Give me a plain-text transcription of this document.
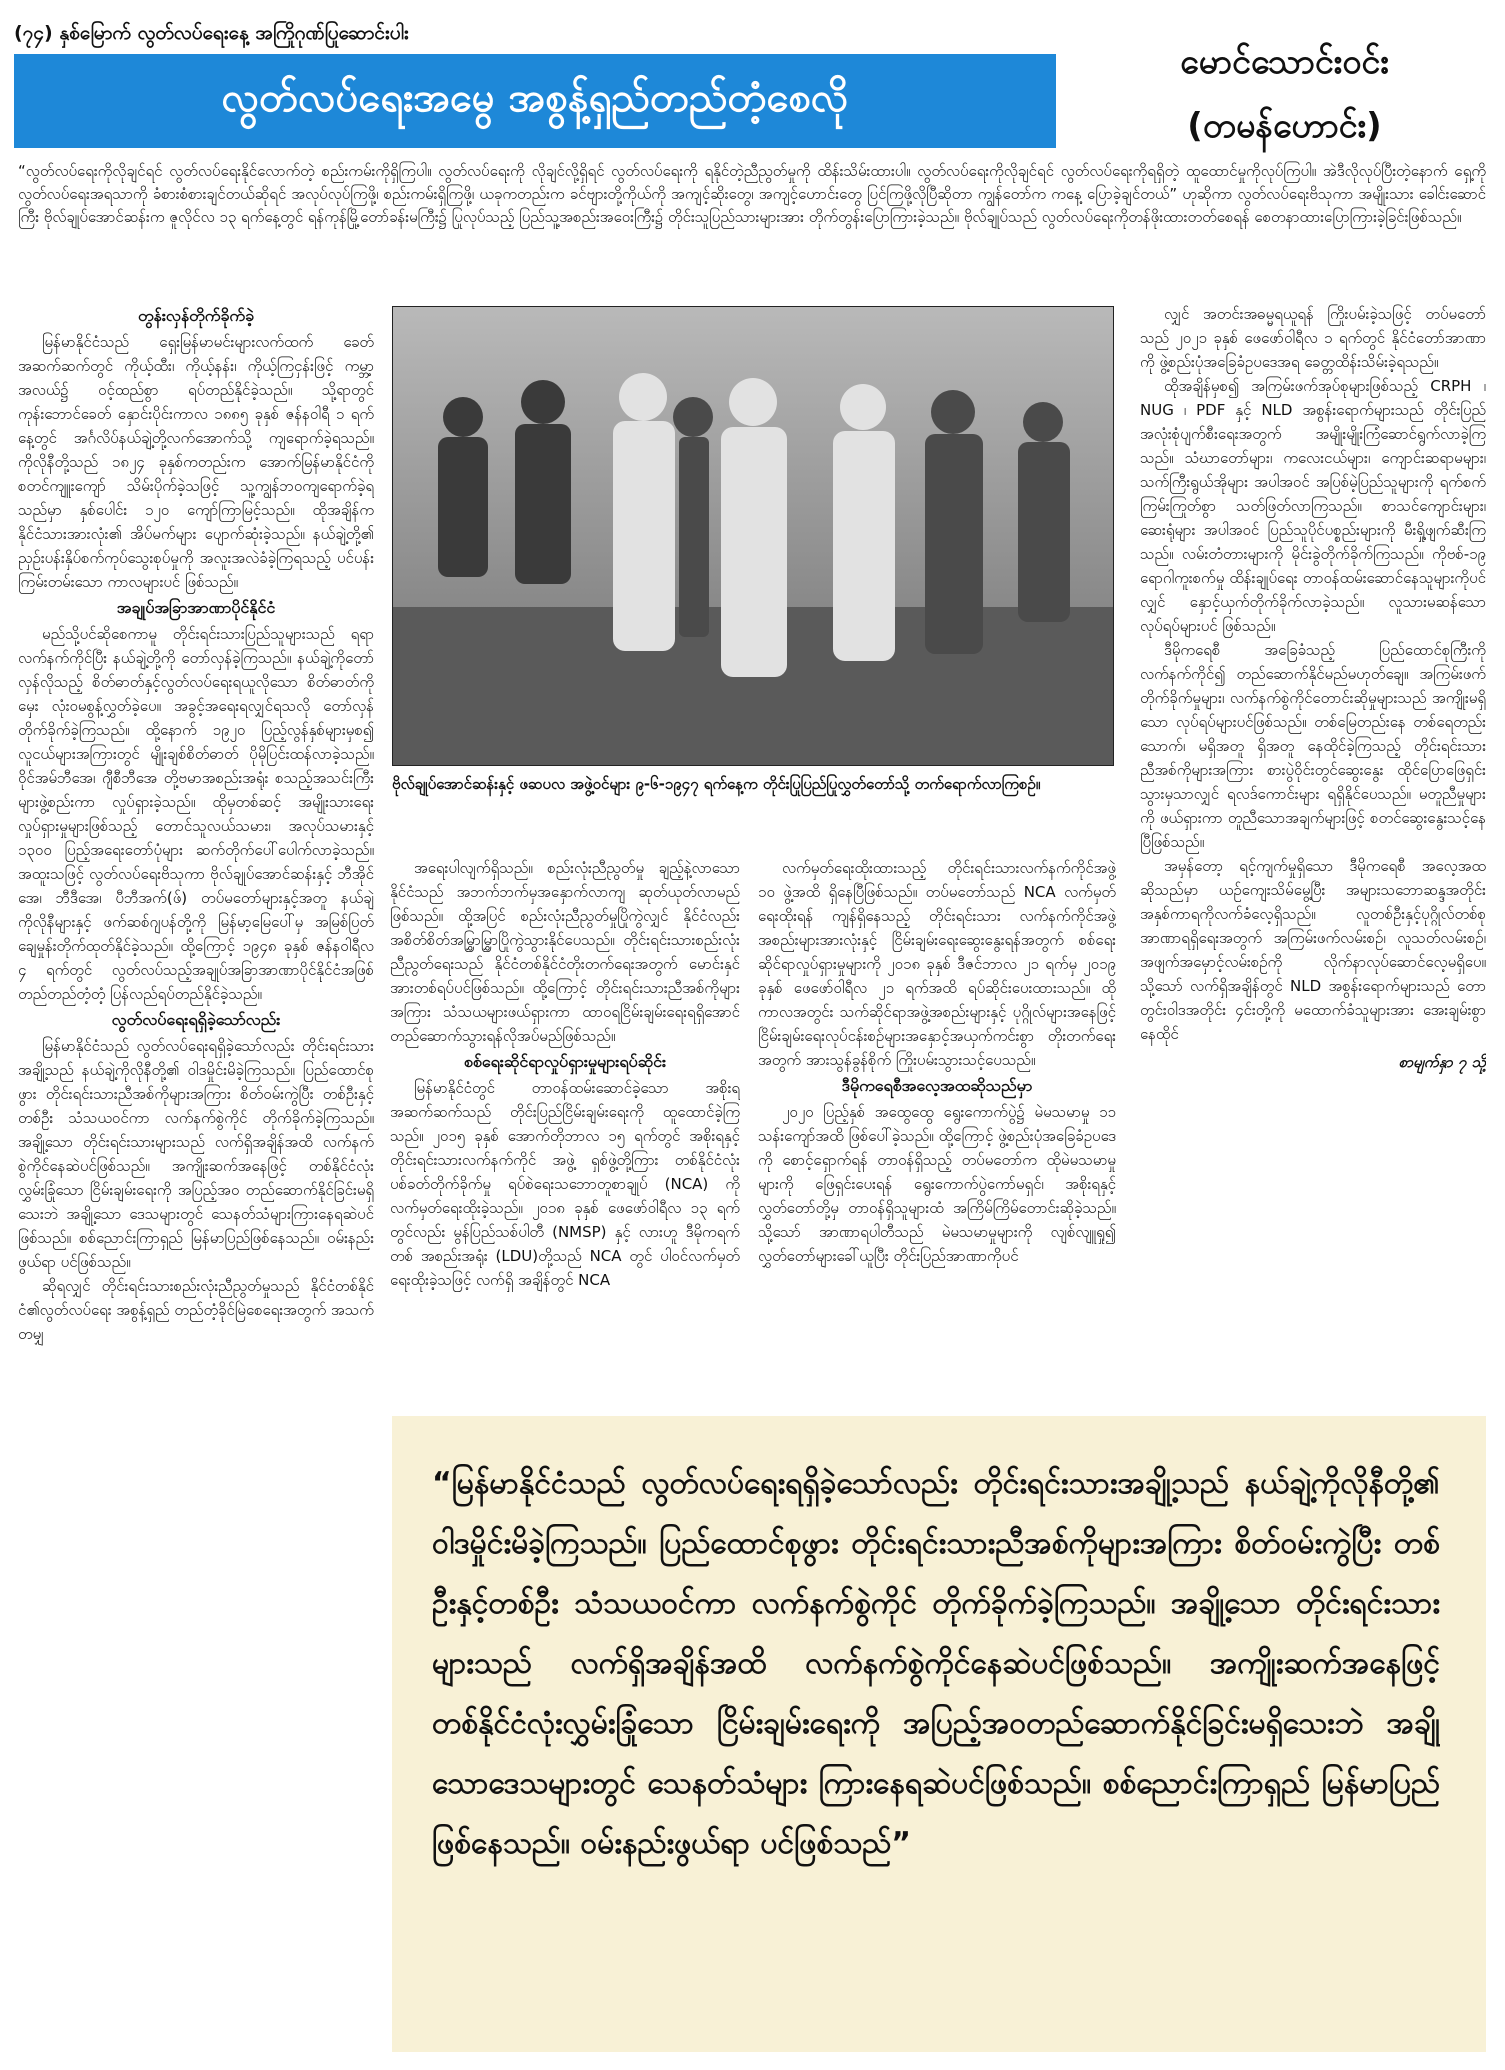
(၇၄) နှစ်မြောက် လွတ်လပ်ရေးနေ့ အကြိုဂုဏ်ပြုဆောင်းပါး
လွတ်လပ်ရေးအမွေ အစွန့်ရှည်တည်တံ့စေလို
မောင်သောင်းဝင်း
(တမန်ဟောင်း)
“လွတ်လပ်ရေးကိုလိုချင်ရင် လွတ်လပ်ရေးနိုင်လောက်တဲ့ စည်းကမ်းကိုရှိကြပါ။ လွတ်လပ်ရေးကို လိုချင်လို့ရှိရင် လွတ်လပ်ရေးကို ရနိုင်တဲ့ညီညွတ်မှုကို ထိန်းသိမ်းထားပါ။ လွတ်လပ်ရေးကိုလိုချင်ရင် လွတ်လပ်ရေးကိုရရှိတဲ့ ထူထောင်မှုကိုလုပ်ကြပါ။ အဲဒီလိုလုပ်ပြီးတဲ့နောက် ရှေ့ကိုလွတ်လပ်ရေးအရသာကို ခံစားစံစားချင်တယ်ဆိုရင် အလုပ်လုပ်ကြဖို့၊ စည်းကမ်းရှိကြဖို့၊ ယခုကတည်းက ခင်ဗျားတို့ကိုယ်ကို အကျင့်ဆိုးတွေ၊ အကျင့်ဟောင်းတွေ ပြင်ကြဖို့လိုပြီဆိုတာ ကျွန်တော်က ကနေ့ ပြောခဲ့ချင်တယ်” ဟုဆိုကာ လွတ်လပ်ရေးဗိသုကာ အမျိုးသား ခေါင်းဆောင်ကြီး ဗိုလ်ချုပ်အောင်ဆန်းက ဇူလိုင်လ ၁၃ ရက်နေ့တွင် ရန်ကုန်မြို့တော်ခန်းမကြီး၌ ပြုလုပ်သည့် ပြည်သူ့အစည်းအဝေးကြီး၌ တိုင်းသူပြည်သားများအား တိုက်တွန်းပြောကြားခဲ့သည်။ ဗိုလ်ချုပ်သည် လွတ်လပ်ရေးကိုတန်ဖိုးထားတတ်စေရန် စေတနာထားပြောကြားခဲ့ခြင်းဖြစ်သည်။
တွန်းလှန်တိုက်ခိုက်ခဲ့

မြန်မာနိုင်ငံသည် ရှေးမြန်မာမင်းများလက်ထက် ခေတ်အဆက်ဆက်တွင် ကိုယ့်ထီး၊ ကိုယ့်နန်း၊ ကိုယ့်ကြငှန်းဖြင့် ကမ္ဘာ့အလယ်၌ ဝင့်ထည်စွာ ရပ်တည်နိုင်ခဲ့သည်။ သို့ရာတွင် ကုန်းဘောင်ခေတ် နှောင်းပိုင်းကာလ ၁၈၈၅ ခုနှစ် ဇန်နဝါရီ ၁ ရက်နေ့တွင် အင်္ဂလိပ်နယ်ချဲ့တို့လက်အောက်သို့ ကျရောက်ခဲ့ရသည်။ ကိုလိုနီတို့သည် ၁၈၂၄ ခုနှစ်ကတည်းက အောက်မြန်မာနိုင်ငံကို စတင်ကျူးကျော် သိမ်းပိုက်ခဲ့သဖြင့် သူ့ကျွန်ဘဝကျရောက်ခဲ့ရသည်မှာ နှစ်ပေါင်း ၁၂၀ ကျော်ကြာမြင့်သည်။ ထိုအချိန်က နိုင်ငံသားအားလုံး၏ အိပ်မက်များ ပျောက်ဆုံးခဲ့သည်။ နယ်ချဲ့တို့၏ ညှဉ်းပန်းနှိပ်စက်ကုပ်သွေးစုပ်မှုကို အလူးအလဲခံခဲ့ကြရသည့် ပင်ပန်းကြမ်းတမ်းသော ကာလများပင် ဖြစ်သည်။

အချုပ်အခြာအာဏာပိုင်နိုင်ငံ

မည်သို့ပင်ဆိုစေကာမူ တိုင်းရင်းသားပြည်သူများသည် ရရာလက်နက်ကိုင်ပြီး နယ်ချဲ့တို့ကို တော်လှန်ခဲ့ကြသည်။ နယ်ချဲ့ကိုတော်လှန်လိုသည့် စိတ်ဓာတ်နှင့်လွတ်လပ်ရေးရယူလိုသော စိတ်ဓာတ်ကို မှေး လုံးဝမစွန့်လွှတ်ခဲ့ပေ။ အခွင့်အရေးရလျှင်ရသလို တော်လှန်တိုက်ခိုက်ခဲ့ကြသည်။ ထို့နောက် ၁၉၂၀ ပြည့်လွန်နှစ်များမှစ၍ လူငယ်များအကြားတွင် မျိုးချစ်စိတ်ဓာတ် ပိုမိုပြင်းထန်လာခဲ့သည်။ ဝိုင်အမ်ဘီအေ၊ ဂျီစီဘီအေ တို့ဗမာအစည်းအရုံး စသည့်အသင်းကြီးများဖွဲ့စည်းကာ လှုပ်ရှားခဲ့သည်။ ထိုမှတစ်ဆင့် အမျိုးသားရေးလှုပ်ရှားမှုများဖြစ်သည့် တောင်သူလယ်သမား၊ အလုပ်သမားနှင့် ၁၃၀၀ ပြည့်အရေးတော်ပုံများ ဆက်တိုက်ပေါ်ပေါက်လာခဲ့သည်။ အထူးသဖြင့် လွတ်လပ်ရေးဗိသုကာ ဗိုလ်ချုပ်အောင်ဆန်းနှင့် ဘီအိုင်အေ၊ ဘီဒီအေ၊ ပီဘီအက်(ဖ်) တပ်မတော်များနှင့်အတူ နယ်ချဲ့ကိုလိုနီများနှင့် ဖက်ဆစ်ဂျပန်တို့ကို မြန်မာ့မြေပေါ်မှ အမြစ်ပြတ် ချေမှုန်းတိုက်ထုတ်နိုင်ခဲ့သည်။ ထို့ကြောင့် ၁၉၄၈ ခုနှစ် ဇန်နဝါရီလ ၄ ရက်တွင် လွတ်လပ်သည့်အချုပ်အခြာအာဏာပိုင်နိုင်ငံအဖြစ် တည်တည်တံ့တံ့ ပြန်လည်ရပ်တည်နိုင်ခဲ့သည်။

လွတ်လပ်ရေးရရှိခဲ့သော်လည်း

မြန်မာနိုင်ငံသည် လွတ်လပ်ရေးရရှိခဲ့သော်လည်း တိုင်းရင်းသားအချို့သည် နယ်ချဲ့ကိုလိုနီတို့၏ ဝါဒမှိုင်းမိခဲ့ကြသည်။ ပြည်ထောင်စုဖွား တိုင်းရင်းသားညီအစ်ကိုများအကြား စိတ်ဝမ်းကွဲပြီး တစ်ဦးနှင့်တစ်ဦး သံသယဝင်ကာ လက်နက်စွဲကိုင် တိုက်ခိုက်ခဲ့ကြသည်။ အချို့သော တိုင်းရင်းသားများသည် လက်ရှိအချိန်အထိ လက်နက်စွဲကိုင်နေဆဲပင်ဖြစ်သည်။ အကျိုးဆက်အနေဖြင့် တစ်နိုင်ငံလုံး လွှမ်းခြုံသော ငြိမ်းချမ်းရေးကို အပြည့်အဝ တည်ဆောက်နိုင်ခြင်းမရှိသေးဘဲ အချို့သော ဒေသများတွင် သေနတ်သံများကြားနေရဆဲပင် ဖြစ်သည်။ စစ်ညောင်းကြာရှည် မြန်မာပြည်ဖြစ်နေသည်။ ဝမ်းနည်းဖွယ်ရာ ပင်ဖြစ်သည်။

ဆိုရလျှင် တိုင်းရင်းသားစည်းလုံးညီညွတ်မှုသည် နိုင်ငံတစ်နိုင်ငံ၏လွတ်လပ်ရေး အစွန့်ရှည် တည်တံ့ခိုင်မြဲစေရေးအတွက် အသက်တမျှ

ဗိုလ်ချုပ်အောင်ဆန်းနှင့် ဖဆပလ အဖွဲ့ဝင်များ ၉-၆-၁၉၄၇ ရက်နေ့က တိုင်းပြုပြည်ပြုလွှတ်တော်သို့ တက်ရောက်လာကြစဉ်။

အရေးပါလျက်ရှိသည်။ စည်းလုံးညီညွတ်မှု ချည့်နဲ့လာသောနိုင်ငံသည် အဘက်ဘက်မှအနှောက်လာကျ ဆုတ်ယုတ်လာမည်ဖြစ်သည်။ ထို့အပြင် စည်းလုံးညီညွတ်မှုပြိုကွဲလျှင် နိုင်ငံလည်း အစိတ်စိတ်အမြွှာမြွှာပြိုကွဲသွားနိုင်ပေသည်။ တိုင်းရင်းသားစည်းလုံးညီညွတ်ရေးသည် နိုင်ငံတစ်နိုင်ငံတိုးတက်ရေးအတွက် မောင်းနှင်အားတစ်ရပ်ပင်ဖြစ်သည်။ ထို့ကြောင့် တိုင်းရင်းသားညီအစ်ကိုများအကြား သံသယများဖယ်ရှားကာ ထာဝရငြိမ်းချမ်းရေးရရှိအောင် တည်ဆောက်သွားရန်လိုအပ်မည်ဖြစ်သည်။

စစ်ရေးဆိုင်ရာလှုပ်ရှားမှုများရပ်ဆိုင်း

မြန်မာနိုင်ငံတွင် တာဝန်ထမ်းဆောင်ခဲ့သော အစိုးရအဆက်ဆက်သည် တိုင်းပြည်ငြိမ်းချမ်းရေးကို ထူထောင်ခဲ့ကြသည်။ ၂၀၁၅ ခုနှစ် အောက်တိုဘာလ ၁၅ ရက်တွင် အစိုးရနှင့် တိုင်းရင်းသားလက်နက်ကိုင် အဖွဲ့ ရှစ်ဖွဲ့တို့ကြား တစ်နိုင်ငံလုံးပစ်ခတ်တိုက်ခိုက်မှု ရပ်စဲရေးသဘောတူစာချုပ် (NCA) ကိုလက်မှတ်ရေးထိုးခဲ့သည်။ ၂၀၁၈ ခုနှစ် ဖေဖော်ဝါရီလ ၁၃ ရက်တွင်လည်း မွန်ပြည်သစ်ပါတီ (NMSP) နှင့် လားဟူ ဒီမိုကရက်တစ် အစည်းအရုံး (LDU)တို့သည် NCA တွင် ပါဝင်လက်မှတ်ရေးထိုးခဲ့သဖြင့် လက်ရှိ အချိန်တွင် NCA

လက်မှတ်ရေးထိုးထားသည့် တိုင်းရင်းသားလက်နက်ကိုင်အဖွဲ့ ၁၀ ဖွဲ့အထိ ရှိနေပြီဖြစ်သည်။ တပ်မတော်သည် NCA လက်မှတ် ရေးထိုးရန် ကျန်ရှိနေသည့် တိုင်းရင်းသား လက်နက်ကိုင်အဖွဲ့ အစည်းများအားလုံးနှင့် ငြိမ်းချမ်းရေးဆွေးနွေးရန်အတွက် စစ်ရေးဆိုင်ရာလှုပ်ရှားမှုများကို ၂၀၁၈ ခုနှစ် ဒီဇင်ဘာလ ၂၁ ရက်မှ ၂၀၁၉ ခုနှစ် ဖေဖော်ဝါရီလ ၂၁ ရက်အထိ ရပ်ဆိုင်းပေးထားသည်။ ထိုကာလအတွင်း သက်ဆိုင်ရာအဖွဲ့အစည်းများနှင့် ပုဂ္ဂိုလ်များအနေဖြင့် ငြိမ်းချမ်းရေးလုပ်ငန်းစဉ်များအနှောင့်အယှက်ကင်းစွာ တိုးတက်ရေးအတွက် အားသွန်ခွန်စိုက် ကြိုးပမ်းသွားသင့်ပေသည်။

ဒီမိုကရေစီအလေ့အထဆိုသည်မှာ

၂၀၂၀ ပြည့်နှစ် အထွေထွေ ရွေးကောက်ပွဲ၌ မဲမသမာမှု ၁၁ သန်းကျော်အထိ ဖြစ်ပေါ်ခဲ့သည်။ ထို့ကြောင့် ဖွဲ့စည်းပုံအခြေခံဥပဒေကို စောင့်ရှောက်ရန် တာဝန်ရှိသည့် တပ်မတော်က ထိုမဲမသမာမှုများကို ဖြေရှင်းပေးရန် ရွေးကောက်ပွဲကော်မရှင်၊ အစိုးရနှင့်လွှတ်တော်တို့မှ တာဝန်ရှိသူများထံ အကြိမ်ကြိမ်တောင်းဆိုခဲ့သည်။ သို့သော် အာဏာရပါတီသည် မဲမသမာမှုများကို လျစ်လျူရှု၍ လွှတ်တော်များခေါ်ယူပြီး တိုင်းပြည်အာဏာကိုပင်

လျှင် အတင်းအဓမ္မရယူရန် ကြိုးပမ်းခဲ့သဖြင့် တပ်မတော်သည် ၂၀၂၁ ခုနှစ် ဖေဖော်ဝါရီလ ၁ ရက်တွင် နိုင်ငံတော်အာဏာကို ဖွဲ့စည်းပုံအခြေခံဥပဒေအရ ခေတ္တထိန်းသိမ်းခဲ့ရသည်။

ထိုအချိန်မှစ၍ အကြမ်းဖက်အုပ်စုများဖြစ်သည့် CRPH ၊ NUG ၊ PDF နှင့် NLD အစွန်းရောက်များသည် တိုင်းပြည်အလုံးစုံပျက်စီးရေးအတွက် အမျိုးမျိုးကြံဆောင်ရွက်လာခဲ့ကြသည်။ သံဃာတော်များ၊ ကလေးငယ်များ၊ ကျောင်းဆရာမများ၊ သက်ကြီးရွယ်အိုများ အပါအဝင် အပြစ်မဲ့ပြည်သူများကို ရက်စက်ကြမ်းကြုတ်စွာ သတ်ဖြတ်လာကြသည်။ စာသင်ကျောင်းများ၊ ဆေးရုံများ အပါအဝင် ပြည်သူပိုင်ပစ္စည်းများကို မီးရှို့ဖျက်ဆီးကြသည်။ လမ်းတံတားများကို မိုင်းခွဲတိုက်ခိုက်ကြသည်။ ကိုဗစ်-၁၉ ရောဂါကူးစက်မှု ထိန်းချုပ်ရေး တာဝန်ထမ်းဆောင်နေသူများကိုပင်လျှင် နှောင့်ယှက်တိုက်ခိုက်လာခဲ့သည်။ လူသားမဆန်သော လုပ်ရပ်များပင် ဖြစ်သည်။

ဒီမိုကရေစီ အခြေခံသည့် ပြည်ထောင်စုကြီးကို လက်နက်ကိုင်၍ တည်ဆောက်နိုင်မည်မဟုတ်ချေ။ အကြမ်းဖက်တိုက်ခိုက်မှုများ၊ လက်နက်စွဲကိုင်တောင်းဆိုမှုများသည် အကျိုးမရှိသော လုပ်ရပ်များပင်ဖြစ်သည်။ တစ်မြေတည်းနေ တစ်ရေတည်းသောက်၊ မရှိအတူ ရှိအတူ နေထိုင်ခဲ့ကြသည့် တိုင်းရင်းသားညီအစ်ကိုများအကြား စားပွဲဝိုင်းတွင်ဆွေးနွေး ထိုင်ပြောဖြေရှင်းသွားမှသာလျှင် ရလဒ်ကောင်းများ ရရှိနိုင်ပေသည်။ မတူညီမှုများကို ဖယ်ရှားကာ တူညီသောအချက်များဖြင့် စတင်ဆွေးနွေးသင့်နေပြီဖြစ်သည်။

အမှန်တော့ ရင့်ကျက်မှုရှိသော ဒီမိုကရေစီ အလေ့အထဆိုသည်မှာ ယဉ်ကျေးသိမ်မွေ့ပြီး အများသဘောဆန္ဒအတိုင်း အနှစ်ကာရကိုလက်ခံလေ့ရှိသည်။ လူတစ်ဦးနှင့်ပုဂ္ဂိုလ်တစ်စု အာဏာရရှိရေးအတွက် အကြမ်းဖက်လမ်းစဉ်၊ လူသတ်လမ်းစဉ်၊ အဖျက်အမှောင့်လမ်းစဉ်ကို လိုက်နာလုပ်ဆောင်လေ့မရှိပေ။ သို့သော် လက်ရှိအချိန်တွင် NLD အစွန်းရောက်များသည် တောတွင်းဝါဒအတိုင်း ၄င်းတို့ကို မထောက်ခံသူများအား အေးချမ်းစွာနေထိုင်

စာမျက်နှာ ၇ သို့
“မြန်မာနိုင်ငံသည် လွတ်လပ်ရေးရရှိခဲ့သော်လည်း တိုင်းရင်းသားအချို့သည် နယ်ချဲ့ကိုလိုနီတို့၏ ဝါဒမှိုင်းမိခဲ့ကြသည်။ ပြည်ထောင်စုဖွား တိုင်းရင်းသားညီအစ်ကိုများအကြား စိတ်ဝမ်းကွဲပြီး တစ်ဦးနှင့်တစ်ဦး သံသယဝင်ကာ လက်နက်စွဲကိုင် တိုက်ခိုက်ခဲ့ကြသည်။ အချို့သော တိုင်းရင်းသားများသည် လက်ရှိအချိန်အထိ လက်နက်စွဲကိုင်နေဆဲပင်ဖြစ်သည်။ အကျိုးဆက်အနေဖြင့် တစ်နိုင်ငံလုံးလွှမ်းခြုံသော ငြိမ်းချမ်းရေးကို အပြည့်အဝတည်ဆောက်နိုင်ခြင်းမရှိသေးဘဲ အချို့သောဒေသများတွင် သေနတ်သံများ ကြားနေရဆဲပင်ဖြစ်သည်။ စစ်ညောင်းကြာရှည် မြန်မာပြည်ဖြစ်နေသည်။ ဝမ်းနည်းဖွယ်ရာ ပင်ဖြစ်သည်”
